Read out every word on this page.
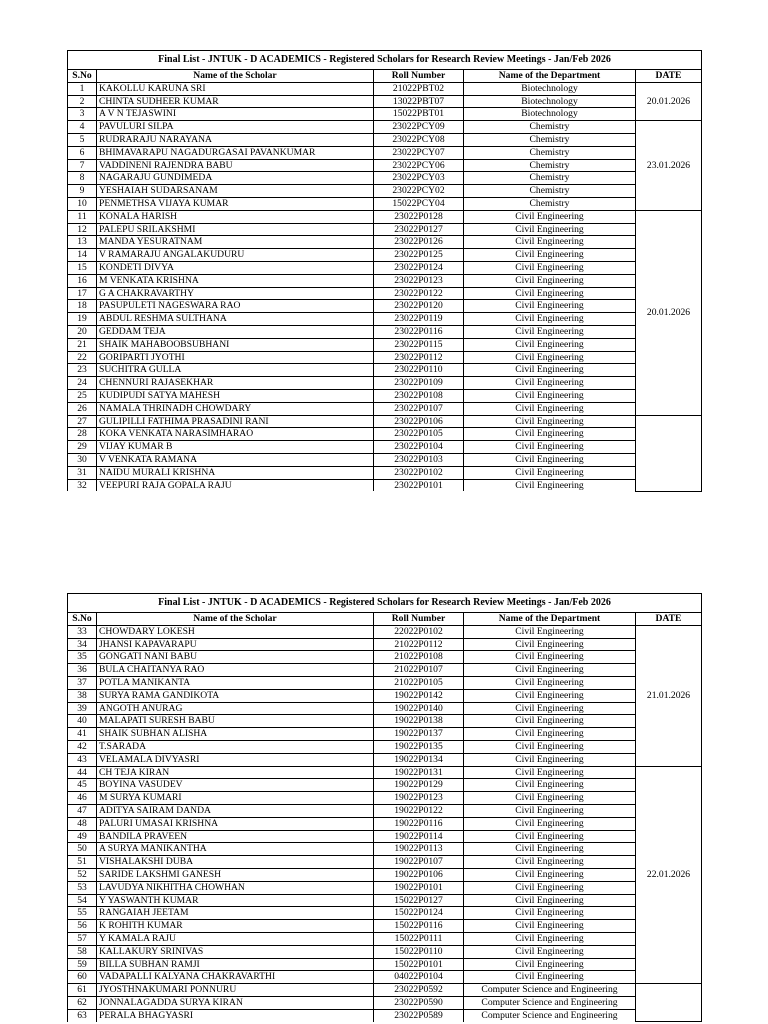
Final List - JNTUK - D ACADEMICS - Registered Scholars for Research Review Meetings - Jan/Feb 2026				
S.No	Name of the Scholar	Roll Number	Name of the Department	DATE
1	KAKOLLU KARUNA SRI	21022PBT02	Biotechnology	20.01.2026
2	CHINTA SUDHEER KUMAR	13022PBT07	Biotechnology	
3	A V N TEJASWINI	15022PBT01	Biotechnology	
4	PAVULURI SILPA	23022PCY09	Chemistry	23.01.2026
5	RUDRARAJU NARAYANA	23022PCY08	Chemistry	
6	BHIMAVARAPU NAGADURGASAI PAVANKUMAR	23022PCY07	Chemistry	
7	VADDINENI RAJENDRA BABU	23022PCY06	Chemistry	
8	NAGARAJU GUNDIMEDA	23022PCY03	Chemistry	
9	YESHAIAH SUDARSANAM	23022PCY02	Chemistry	
10	PENMETHSA VIJAYA KUMAR	15022PCY04	Chemistry	
11	KONALA HARISH	23022P0128	Civil Engineering	20.01.2026
12	PALEPU SRILAKSHMI	23022P0127	Civil Engineering	
13	MANDA YESURATNAM	23022P0126	Civil Engineering	
14	V RAMARAJU ANGALAKUDURU	23022P0125	Civil Engineering	
15	KONDETI DIVYA	23022P0124	Civil Engineering	
16	M VENKATA KRISHNA	23022P0123	Civil Engineering	
17	G A CHAKRAVARTHY	23022P0122	Civil Engineering	
18	PASUPULETI NAGESWARA RAO	23022P0120	Civil Engineering	
19	ABDUL RESHMA SULTHANA	23022P0119	Civil Engineering	
20	GEDDAM TEJA	23022P0116	Civil Engineering	
21	SHAIK MAHABOOBSUBHANI	23022P0115	Civil Engineering	
22	GORIPARTI JYOTHI	23022P0112	Civil Engineering	
23	SUCHITRA GULLA	23022P0110	Civil Engineering	
24	CHENNURI RAJASEKHAR	23022P0109	Civil Engineering	
25	KUDIPUDI SATYA MAHESH	23022P0108	Civil Engineering	
26	NAMALA THRINADH CHOWDARY	23022P0107	Civil Engineering	
27	GULIPILLI FATHIMA PRASADINI RANI	23022P0106	Civil Engineering	
28	KOKA VENKATA NARASIMHARAO	23022P0105	Civil Engineering	
29	VIJAY KUMAR B	23022P0104	Civil Engineering	
30	V VENKATA RAMANA	23022P0103	Civil Engineering	
31	NAIDU MURALI KRISHNA	23022P0102	Civil Engineering	
32	VEEPURI RAJA GOPALA RAJU	23022P0101	Civil Engineering	
Final List - JNTUK - D ACADEMICS - Registered Scholars for Research Review Meetings - Jan/Feb 2026				
S.No	Name of the Scholar	Roll Number	Name of the Department	DATE
33	CHOWDARY LOKESH	22022P0102	Civil Engineering	21.01.2026
34	JHANSI KAPAVARAPU	21022P0112	Civil Engineering	
35	GONGATI NANI BABU	21022P0108	Civil Engineering	
36	BULA CHAITANYA RAO	21022P0107	Civil Engineering	
37	POTLA MANIKANTA	21022P0105	Civil Engineering	
38	SURYA RAMA GANDIKOTA	19022P0142	Civil Engineering	
39	ANGOTH ANURAG	19022P0140	Civil Engineering	
40	MALAPATI SURESH BABU	19022P0138	Civil Engineering	
41	SHAIK SUBHAN ALISHA	19022P0137	Civil Engineering	
42	T.SARADA	19022P0135	Civil Engineering	
43	VELAMALA DIVYASRI	19022P0134	Civil Engineering	
44	CH TEJA KIRAN	19022P0131	Civil Engineering	22.01.2026
45	BOYINA VASUDEV	19022P0129	Civil Engineering	
46	M SURYA KUMARI	19022P0123	Civil Engineering	
47	ADITYA SAIRAM DANDA	19022P0122	Civil Engineering	
48	PALURI UMASAI KRISHNA	19022P0116	Civil Engineering	
49	BANDILA PRAVEEN	19022P0114	Civil Engineering	
50	A SURYA MANIKANTHA	19022P0113	Civil Engineering	
51	VISHALAKSHI DUBA	19022P0107	Civil Engineering	
52	SARIDE LAKSHMI GANESH	19022P0106	Civil Engineering	
53	LAVUDYA NIKHITHA CHOWHAN	19022P0101	Civil Engineering	
54	Y YASWANTH KUMAR	15022P0127	Civil Engineering	
55	RANGAIAH JEETAM	15022P0124	Civil Engineering	
56	K ROHITH KUMAR	15022P0116	Civil Engineering	
57	Y KAMALA RAJU	15022P0111	Civil Engineering	
58	KALLAKURY SRINIVAS	15022P0110	Civil Engineering	
59	BILLA SUBHAN RAMJI	15022P0101	Civil Engineering	
60	VADAPALLI KALYANA CHAKRAVARTHI	04022P0104	Civil Engineering	
61	JYOSTHNAKUMARI PONNURU	23022P0592	Computer Science and Engineering	
62	JONNALAGADDA SURYA KIRAN	23022P0590	Computer Science and Engineering	
63	PERALA BHAGYASRI	23022P0589	Computer Science and Engineering	
